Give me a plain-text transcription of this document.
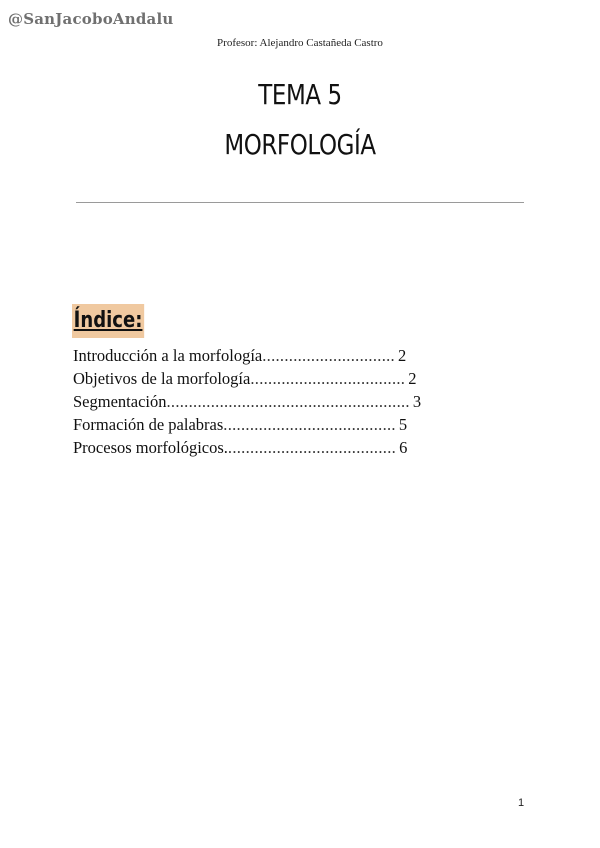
@SanJacoboAndalu
Profesor: Alejandro Castañeda Castro
TEMA 5
MORFOLOGÍA
Índice:
Introducción a la morfología .............................. 2
Objetivos de la morfología ................................... 2
Segmentación ....................................................... 3
Formación de palabras ....................................... 5
Procesos morfológicos. ...................................... 6
1
